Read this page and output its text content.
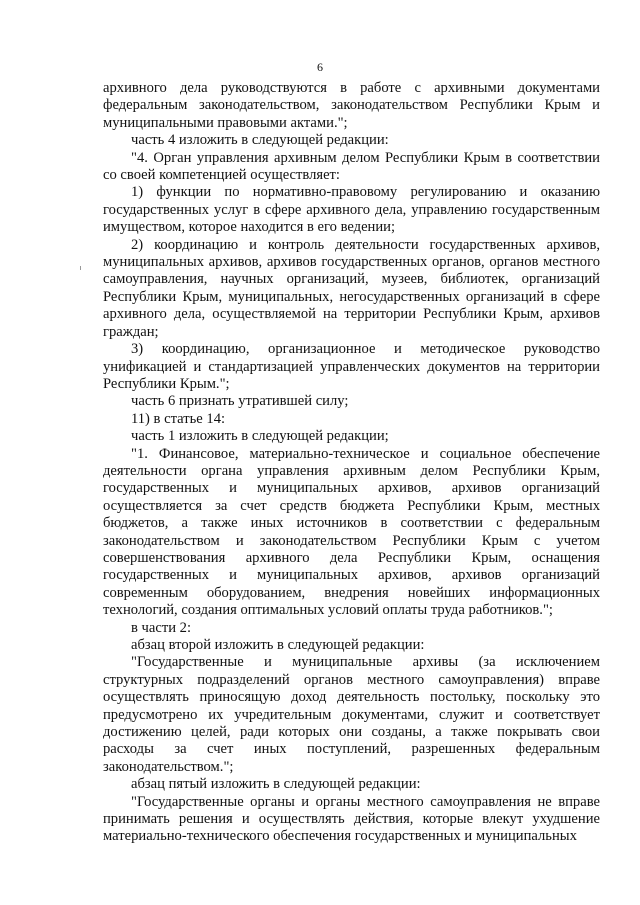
6

архивного дела руководствуются в работе с архивными документами федеральным законодательством, законодательством Республики Крым и муниципальными правовыми актами.";

часть 4 изложить в следующей редакции:

"4. Орган управления архивным делом Республики Крым в соответствии со своей компетенцией осуществляет:

1) функции по нормативно-правовому регулированию и оказанию государственных услуг в сфере архивного дела, управлению государственным имуществом, которое находится в его ведении;

2) координацию и контроль деятельности государственных архивов, муниципальных архивов, архивов государственных органов, органов местного самоуправления, научных организаций, музеев, библиотек, организаций Республики Крым, муниципальных, негосударственных организаций в сфере архивного дела, осуществляемой на территории Республики Крым, архивов граждан;

3) координацию, организационное и методическое руководство унификацией и стандартизацией управленческих документов на территории Республики Крым.";

часть 6 признать утратившей силу;

11) в статье 14:

часть 1 изложить в следующей редакции;

"1. Финансовое, материально-техническое и социальное обеспечение деятельности органа управления архивным делом Республики Крым, государственных и муниципальных архивов, архивов организаций осуществляется за счет средств бюджета Республики Крым, местных бюджетов, а также иных источников в соответствии с федеральным законодательством и законодательством Республики Крым с учетом совершенствования архивного дела Республики Крым, оснащения государственных и муниципальных архивов, архивов организаций современным оборудованием, внедрения новейших информационных технологий, создания оптимальных условий оплаты труда работников.";

в части 2:

абзац второй изложить в следующей редакции:

"Государственные и муниципальные архивы (за исключением структурных подразделений органов местного самоуправления) вправе осуществлять приносящую доход деятельность постольку, поскольку это предусмотрено их учредительным документами, служит и соответствует достижению целей, ради которых они созданы, а также покрывать свои расходы за счет иных поступлений, разрешенных федеральным законодательством.";

абзац пятый изложить в следующей редакции:

"Государственные органы и органы местного самоуправления не вправе принимать решения и осуществлять действия, которые влекут ухудшение материально-технического обеспечения государственных и муниципальных
